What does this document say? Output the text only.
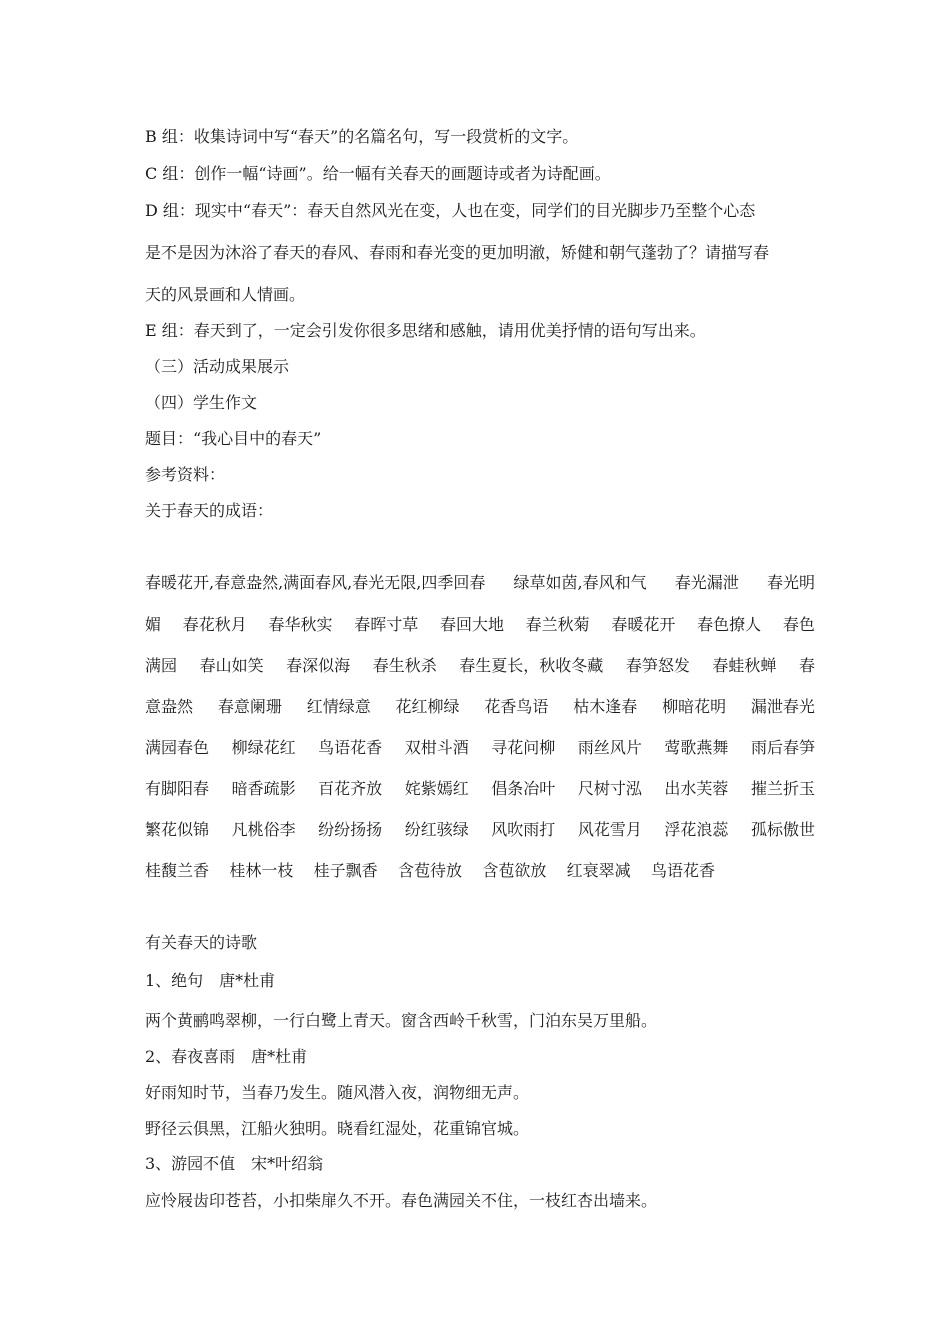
B 组：收集诗词中写“春天”的名篇名句，写一段赏析的文字。
C 组：创作一幅“诗画”。给一幅有关春天的画题诗或者为诗配画。
D 组：现实中“春天”：春天自然风光在变，人也在变，同学们的目光脚步乃至整个心态
是不是因为沐浴了春天的春风、春雨和春光变的更加明澈，矫健和朝气蓬勃了？请描写春
天的风景画和人情画。
E 组：春天到了，一定会引发你很多思绪和感触，请用优美抒情的语句写出来。
（三）活动成果展示
（四）学生作文
题目：“我心目中的春天”
参考资料：
关于春天的成语：
春暖花开,春意盎然,满面春风,春光无限,四季回春 绿草如茵,春风和气 春光漏泄 春光明
媚 春花秋月 春华秋实 春晖寸草 春回大地 春兰秋菊 春暖花开 春色撩人 春色
满园 春山如笑 春深似海 春生秋杀 春生夏长，秋收冬藏 春笋怒发 春蛙秋蝉 春
意盎然 春意阑珊 红情绿意 花红柳绿 花香鸟语 枯木逢春 柳暗花明 漏泄春光
满园春色 柳绿花红 鸟语花香 双柑斗酒 寻花问柳 雨丝风片 莺歌燕舞 雨后春笋
有脚阳春 暗香疏影 百花齐放 姹紫嫣红 倡条冶叶 尺树寸泓 出水芙蓉 摧兰折玉
繁花似锦 凡桃俗李 纷纷扬扬 纷红骇绿 风吹雨打 风花雪月 浮花浪蕊 孤标傲世
桂馥兰香 桂林一枝 桂子飘香 含苞待放 含苞欲放 红衰翠减 鸟语花香
有关春天的诗歌
1、绝句　唐*杜甫
两个黄鹂鸣翠柳，一行白鹭上青天。窗含西岭千秋雪，门泊东吴万里船。
2、春夜喜雨　唐*杜甫
好雨知时节，当春乃发生。随风潜入夜，润物细无声。
野径云俱黑，江船火独明。晓看红湿处，花重锦官城。
3、游园不值　宋*叶绍翁
应怜屐齿印苍苔，小扣柴扉久不开。春色满园关不住，一枝红杏出墙来。
